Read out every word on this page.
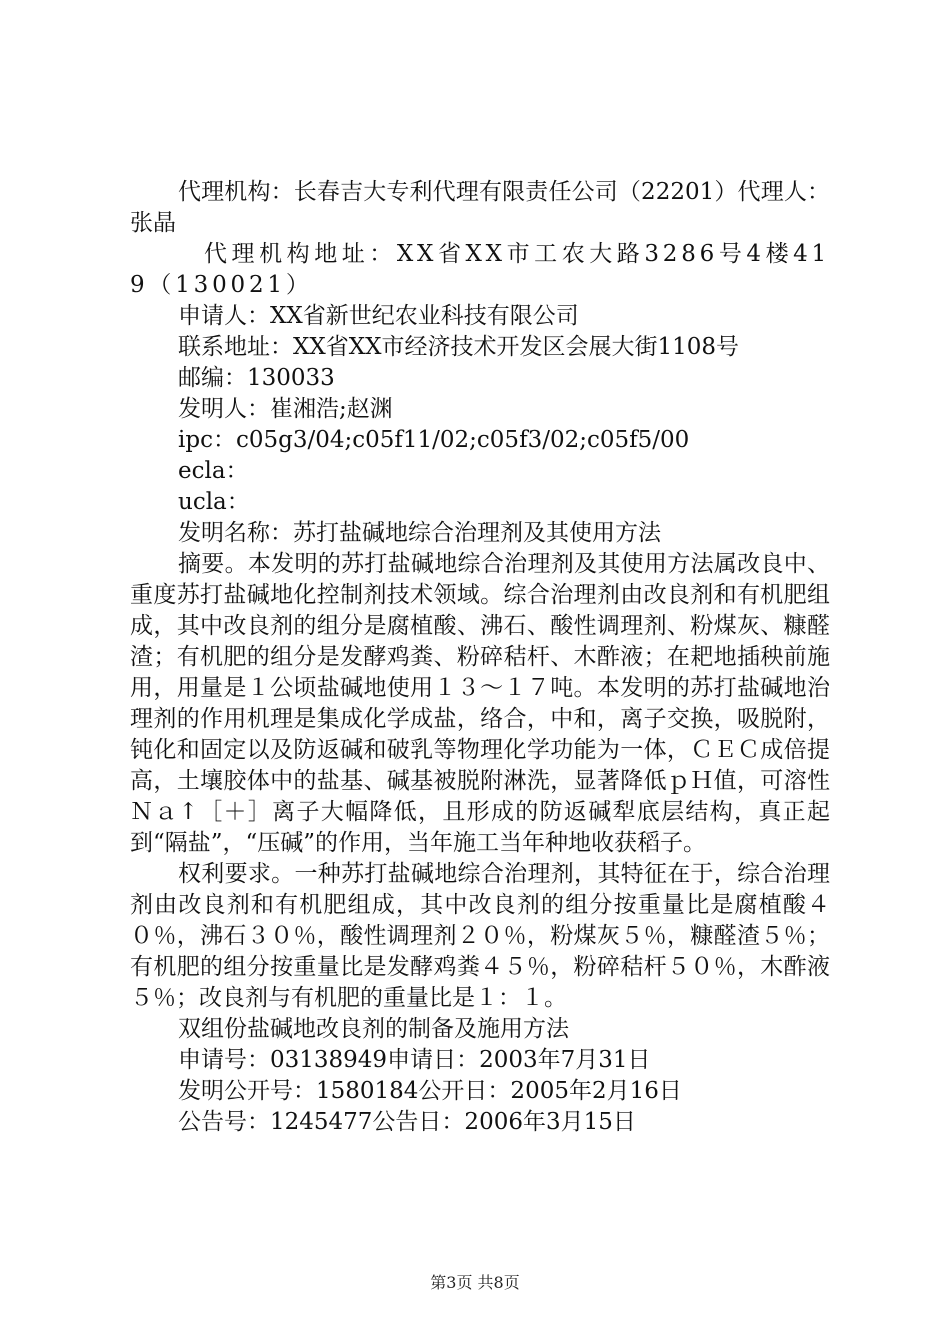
代理机构：长春吉大专利代理有限责任公司（22201）代理人：张晶

代理机构地址：XX省XX市工农大路3286号4楼419（130021）

申请人：XX省新世纪农业科技有限公司

联系地址：XX省XX市经济技术开发区会展大街1108号

邮编：130033

发明人：崔湘浩;赵渊

ipc：c05g3/04;c05f11/02;c05f3/02;c05f5/00

ecla：

ucla：

发明名称：苏打盐碱地综合治理剂及其使用方法

摘要。本发明的苏打盐碱地综合治理剂及其使用方法属改良中、重度苏打盐碱地化控制剂技术领域。综合治理剂由改良剂和有机肥组成，其中改良剂的组分是腐植酸、沸石、酸性调理剂、粉煤灰、糠醛渣；有机肥的组分是发酵鸡粪、粉碎秸杆、木酢液；在耙地插秧前施用，用量是１公顷盐碱地使用１３～１７吨。本发明的苏打盐碱地治理剂的作用机理是集成化学成盐，络合，中和，离子交换，吸脱附，钝化和固定以及防返碱和破乳等物理化学功能为一体，ＣＥＣ成倍提高，土壤胶体中的盐基、碱基被脱附淋洗，显著降低ｐＨ值，可溶性Ｎａ↑［＋］离子大幅降低，且形成的防返碱犁底层结构，真正起到“隔盐”，“压碱”的作用，当年施工当年种地收获稻子。

权利要求。一种苏打盐碱地综合治理剂，其特征在于，综合治理剂由改良剂和有机肥组成，其中改良剂的组分按重量比是腐植酸４０％，沸石３０％，酸性调理剂２０％，粉煤灰５％，糠醛渣５％；有机肥的组分按重量比是发酵鸡粪４５％，粉碎秸杆５０％，木酢液５％；改良剂与有机肥的重量比是１：１。

双组份盐碱地改良剂的制备及施用方法

申请号：03138949申请日：2003年7月31日

发明公开号：1580184公开日：2005年2月16日

公告号：1245477公告日：2006年3月15日

第3页 共8页
